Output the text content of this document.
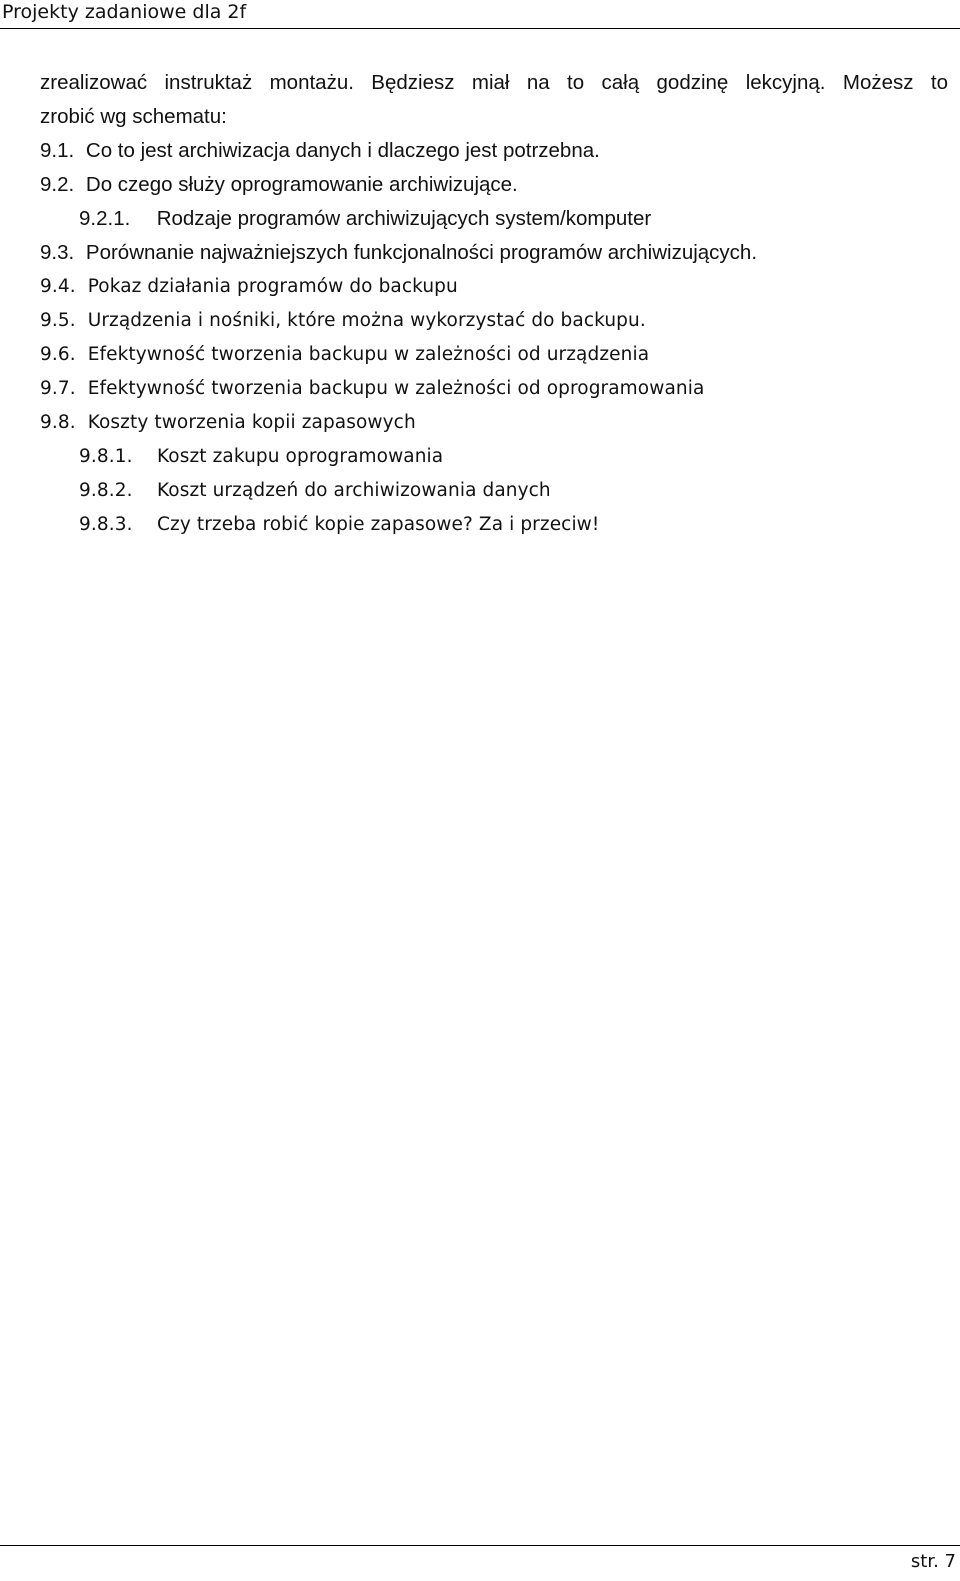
Projekty zadaniowe dla 2f

zrealizować instruktaż montażu. Będziesz miał na to całą godzinę lekcyjną. Możesz to

zrobić wg schematu:

9.1. Co to jest archiwizacja danych i dlaczego jest potrzebna.
9.2. Do czego służy oprogramowanie archiwizujące.
9.2.1. Rodzaje programów archiwizujących system/komputer
9.3. Porównanie najważniejszych funkcjonalności programów archiwizujących.
9.4. Pokaz działania programów do backupu
9.5. Urządzenia i nośniki, które można wykorzystać do backupu.
9.6. Efektywność tworzenia backupu w zależności od urządzenia
9.7. Efektywność tworzenia backupu w zależności od oprogramowania
9.8. Koszty tworzenia kopii zapasowych
9.8.1. Koszt zakupu oprogramowania
9.8.2. Koszt urządzeń do archiwizowania danych
9.8.3. Czy trzeba robić kopie zapasowe? Za i przeciw!
str. 7
